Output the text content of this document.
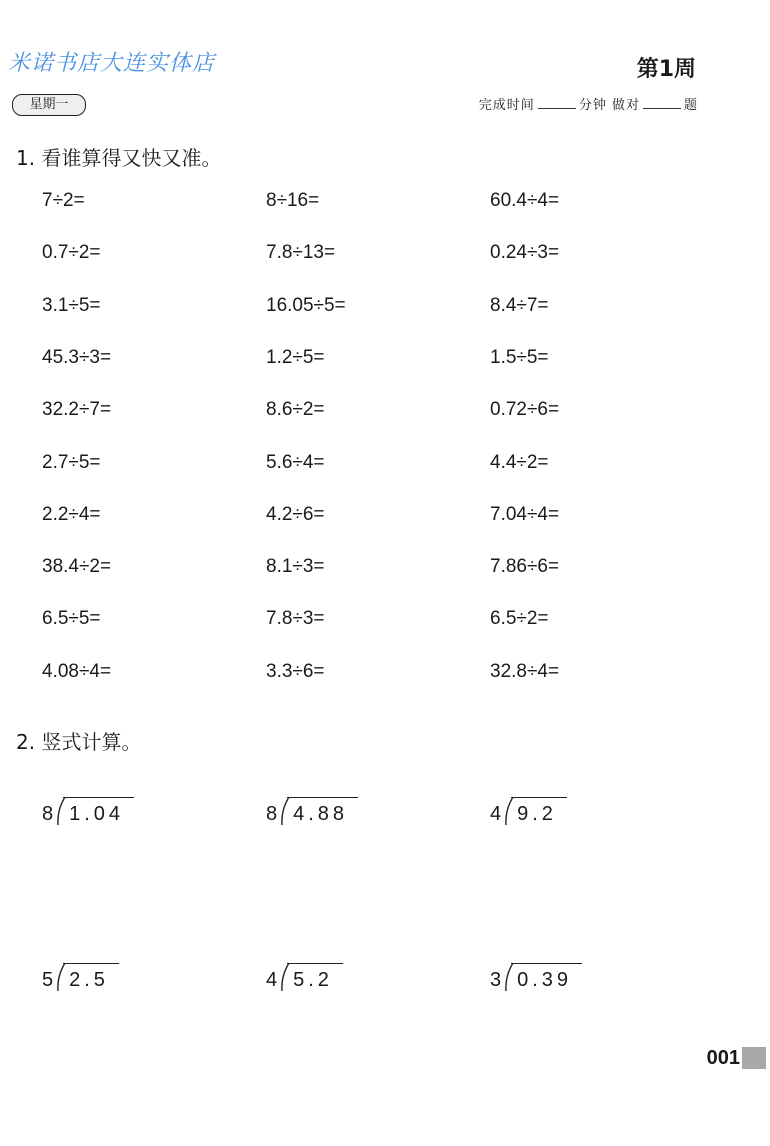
米诺书店大连实体店	第1周
星期一	完成时间	分钟 做对	题
1. 看谁算得又快又准。
7÷2=	8÷16=	60.4÷4=
0.7÷2=	7.8÷13=	0.24÷3=
3.1÷5=	16.05÷5=	8.4÷7=
45.3÷3=	1.2÷5=	1.5÷5=
32.2÷7=	8.6÷2=	0.72÷6=
2.7÷5=	5.6÷4=	4.4÷2=
2.2÷4=	4.2÷6=	7.04÷4=
38.4÷2=	8.1÷3=	7.86÷6=
6.5÷5=	7.8÷3=	6.5÷2=
4.08÷4=	3.3÷6=	32.8÷4=
2. 竖式计算。
8 1.04	8 4.88	4 9.2
5 2.5	4 5.2	3 0.39
001
